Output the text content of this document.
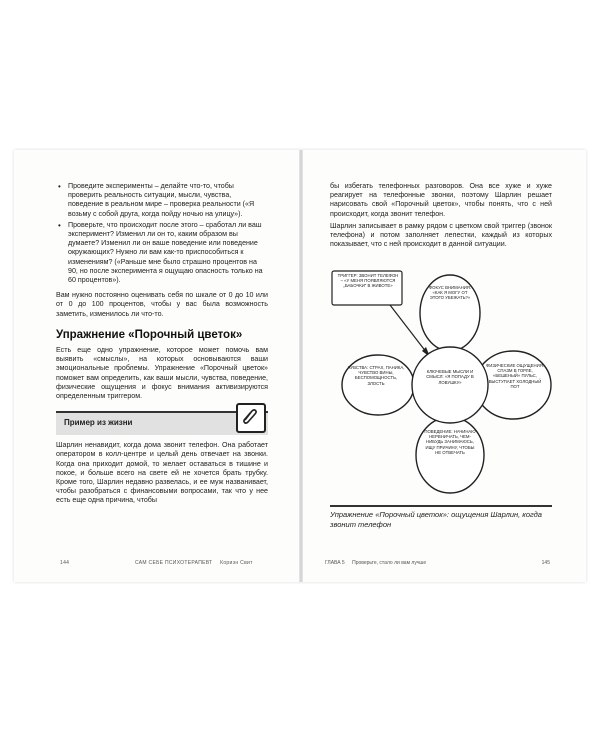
• Проведите эксперименты – делайте что-то, чтобы проверить реальность ситуации, мысли, чувства, поведение в реальном мире – проверка реальности («Я возьму с собой друга, когда пойду ночью на улицу»).
• Проверьте, что происходит после этого – сработал ли ваш эксперимент? Изменил ли он то, каким образом вы думаете? Изменил ли он ваше поведение или поведение окружающих? Нужно ли вам как-то приспособиться к изменениям? («Раньше мне было страшно процентов на 90, но после эксперимента я ощущаю опасность только на 60 процентов»).

Вам нужно постоянно оценивать себя по шкале от 0 до 10 или от 0 до 100 процентов, чтобы у вас была возможность заметить, изменилось ли что-то.

Упражнение «Порочный цветок»

Есть еще одно упражнение, которое может помочь вам выявить «смыслы», на которых основываются ваши эмоциональные проблемы. Упражнение «Порочный цветок» поможет вам определить, как ваши мысли, чувства, поведение, физические ощущения и фокус внимания активизируются определенным триггером.

Пример из жизни

Шарлин ненавидит, когда дома звонит телефон. Она работает оператором в колл-центре и целый день отвечает на звонки. Когда она приходит домой, то желает оставаться в тишине и покое, и больше всего на свете ей не хочется брать трубку. Кроме того, Шарлин недавно развелась, и ее муж названивает, чтобы разобраться с финансовыми вопросами, так что у нее есть еще одна причина, чтобы

144	САМ СЕБЕ ПСИХОТЕРАПЕВТ Кориэн Свит

бы избегать телефонных разговоров. Она все хуже и хуже реагирует на телефонные звонки, поэтому Шарлин решает нарисовать свой «Порочный цветок», чтобы понять, что с ней происходит, когда звонит телефон.

Шарлин записывает в рамку рядом с цветком свой триггер (звонок телефона) и потом заполняет лепестки, каждый из которых показывает, что с ней происходит в данной ситуации.

ТРИГГЕР: ЗВОНИТ ТЕЛЕФОН – «У МЕНЯ ПОЯВЛЯЮТСЯ „БАБОЧКИ“ В ЖИВОТЕ»	ФОКУС ВНИМАНИЯ: «КАК Я МОГУ ОТ ЭТОГО УБЕЖАТЬ?»
КЛЮЧЕВЫЕ МЫСЛИ И СМЫСЛ: «Я ПОПАДУ В ЛОВУШКУ»
ЧУВСТВА: СТРАХ, ПАНИКА, ЧУВСТВО ВИНЫ, БЕСПОМОЩНОСТЬ, ЗЛОСТЬ
ФИЗИЧЕСКИЕ ОЩУЩЕНИЯ: СПАЗМ В ГОРЛЕ, «БЕШЕНЫЙ» ПУЛЬС, ВЫСТУПАЕТ ХОЛОДНЫЙ ПОТ
ПОВЕДЕНИЕ: НАЧИНАЮ НЕРВНИЧАТЬ, ЧЕМ-НИБУДЬ ЗАНИМАЮСЬ, ИЩУ ПРИЧИНУ, ЧТОБЫ НЕ ОТВЕЧАТЬ
Упражнение «Порочный цветок»: ощущения Шарлин, когда звонит телефон
ГЛАВА 5 Проверьте, стало ли вам лучше	145
